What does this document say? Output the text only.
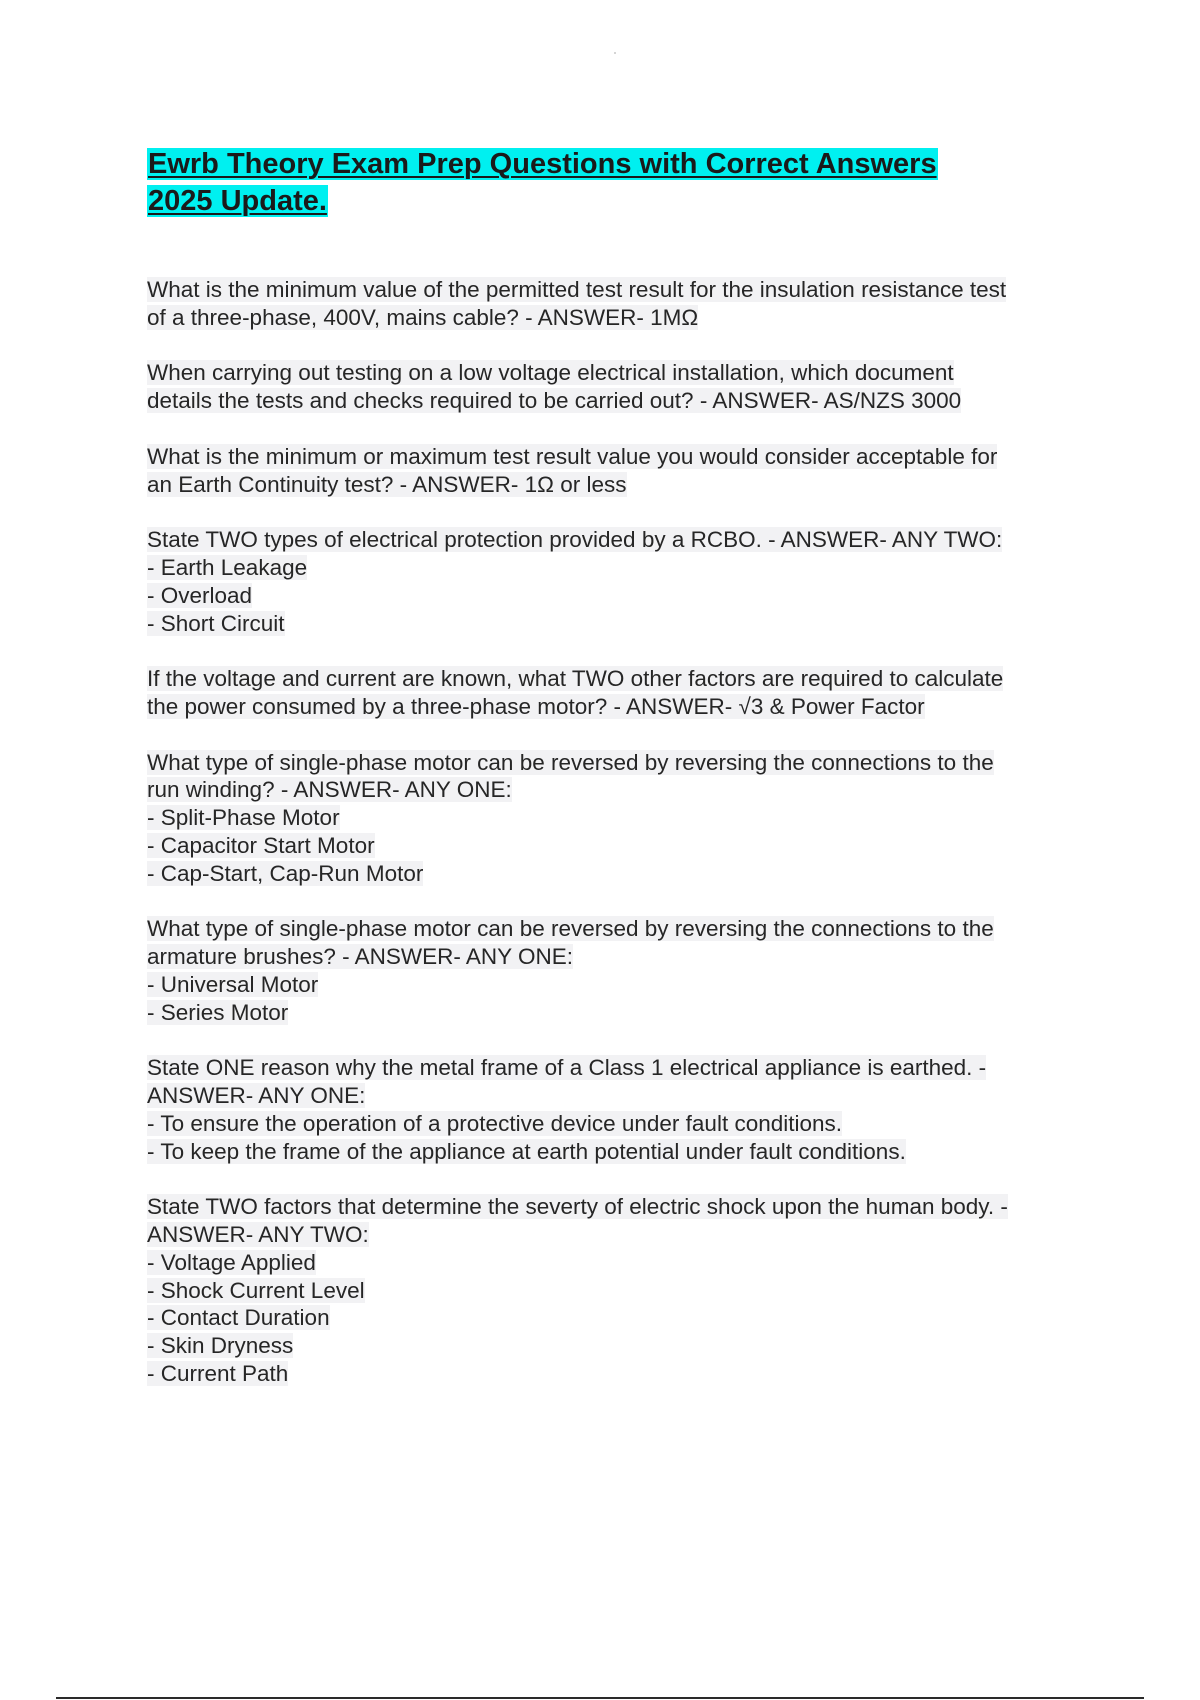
Ewrb Theory Exam Prep Questions with Correct Answers
2025 Update.
What is the minimum value of the permitted test result for the insulation resistance test
of a three-phase, 400V, mains cable? - ANSWER- 1MΩ
When carrying out testing on a low voltage electrical installation, which document
details the tests and checks required to be carried out? - ANSWER- AS/NZS 3000
What is the minimum or maximum test result value you would consider acceptable for
an Earth Continuity test? - ANSWER- 1Ω or less
State TWO types of electrical protection provided by a RCBO. - ANSWER- ANY TWO:
- Earth Leakage
- Overload
- Short Circuit
If the voltage and current are known, what TWO other factors are required to calculate
the power consumed by a three-phase motor? - ANSWER- √3 & Power Factor
What type of single-phase motor can be reversed by reversing the connections to the
run winding? - ANSWER- ANY ONE:
- Split-Phase Motor
- Capacitor Start Motor
- Cap-Start, Cap-Run Motor
What type of single-phase motor can be reversed by reversing the connections to the
armature brushes? - ANSWER- ANY ONE:
- Universal Motor
- Series Motor
State ONE reason why the metal frame of a Class 1 electrical appliance is earthed. -
ANSWER- ANY ONE:
- To ensure the operation of a protective device under fault conditions.
- To keep the frame of the appliance at earth potential under fault conditions.
State TWO factors that determine the severty of electric shock upon the human body. -
ANSWER- ANY TWO:
- Voltage Applied
- Shock Current Level
- Contact Duration
- Skin Dryness
- Current Path
